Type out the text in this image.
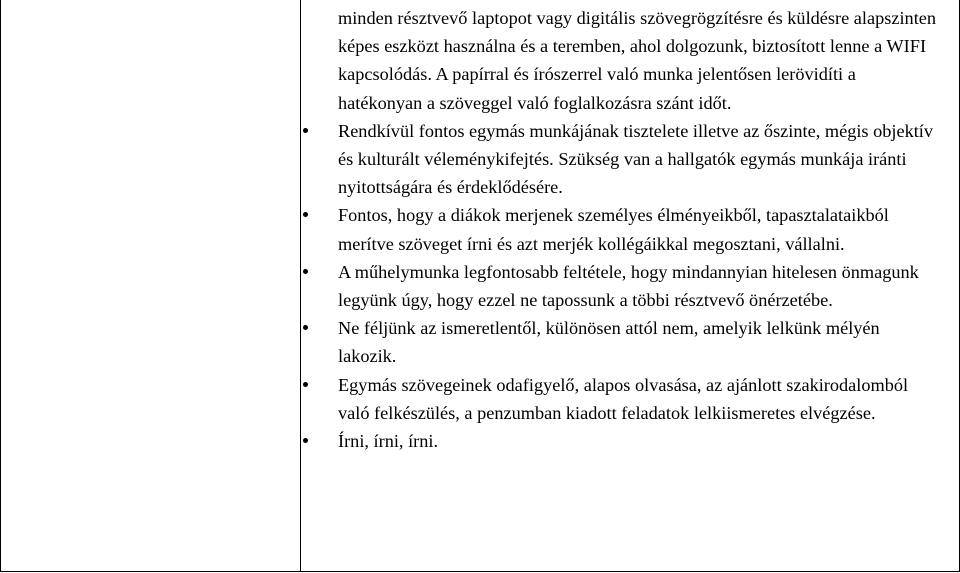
minden résztvevő laptopot vagy digitális szövegrögzítésre és küldésre alapszinten képes eszközt használna és a teremben, ahol dolgozunk, biztosított lenne a WIFI kapcsolódás. A papírral és írószerrel való munka jelentősen lerövidíti a hatékonyan a szöveggel való foglalkozásra szánt időt.

Rendkívül fontos egymás munkájának tisztelete illetve az őszinte, mégis objektív és kulturált véleménykifejtés. Szükség van a hallgatók egymás munkája iránti nyitottságára és érdeklődésére.
Fontos, hogy a diákok merjenek személyes élményeikből, tapasztalataikból merítve szöveget írni és azt merjék kollégáikkal megosztani, vállalni.
A műhelymunka legfontosabb feltétele, hogy mindannyian hitelesen önmagunk legyünk úgy, hogy ezzel ne tapossunk a többi résztvevő önérzetébe.
Ne féljünk az ismeretlentől, különösen attól nem, amelyik lelkünk mélyén lakozik.
Egymás szövegeinek odafigyelő, alapos olvasása, az ajánlott szakirodalomból való felkészülés, a penzumban kiadott feladatok lelkiismeretes elvégzése.
Írni, írni, írni.
